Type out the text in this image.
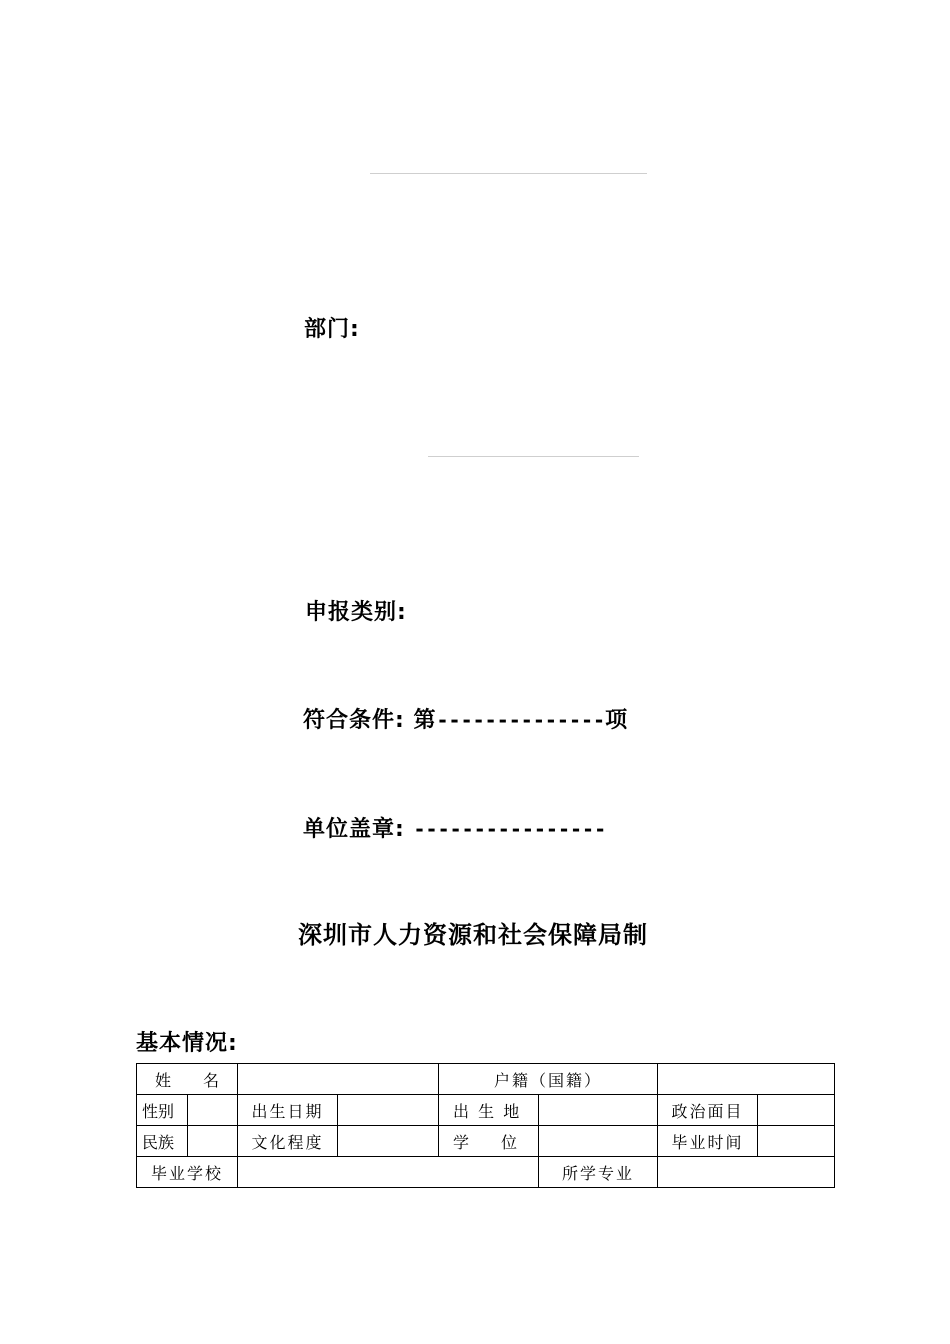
部门:
申报类别:
符合条件: 第--------------项
单位盖章: ----------------
深圳市人力资源和社会保障局制
基本情况:
姓　　名				户籍（国籍）			
性别		出生日期		出 生 地		政治面目	
民族		文化程度		学　　位		毕业时间	
毕业学校					所学专业		
